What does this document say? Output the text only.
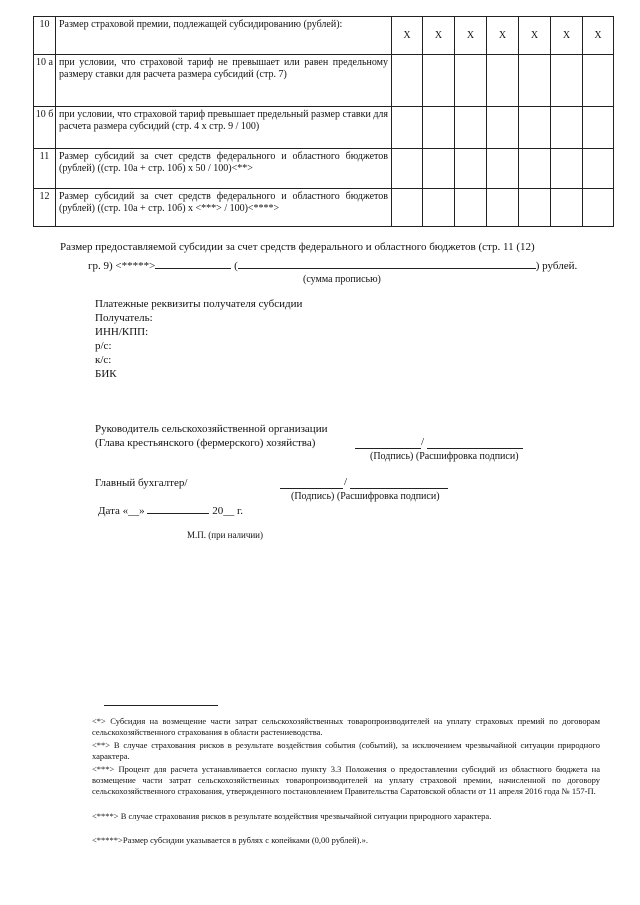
10	Размер страховой премии, подлежащей субсидированию (рублей):	Х	Х	Х	Х	Х	Х	Х
10 а	при условии, что страховой тариф не превышает или равен предельному размеру ставки для расчета размера субсидий (стр. 7)							
10 б	при условии, что страховой тариф превышает предельный размер ставки для расчета размера субсидий (стр. 4 х стр. 9 / 100)							
11	Размер субсидий за счет средств федерального и областного бюджетов (рублей) ((стр. 10а + стр. 10б) х 50 / 100)<**>							
12	Размер субсидий за счет средств федерального и областного бюджетов (рублей) ((стр. 10а + стр. 10б) х <***> / 100)<****>							
Размер предоставляемой субсидии за счет средств федерального и областного бюджетов (стр. 11 (12)
гр. 9) <*****>	(	) рублей.
(сумма прописью)
Платежные реквизиты получателя субсидии
Получатель:
ИНН/КПП:
р/с:
к/с:
БИК
Руководитель сельскохозяйственной организации
(Глава крестьянского (фермерского) хозяйства)	/
(Подпись) (Расшифровка подписи)
Главный бухгалтер/	/
(Подпись) (Расшифровка подписи)
Дата «__»	20__ г.
М.П. (при наличии)
<*> Субсидия на возмещение части затрат сельскохозяйственных товаропроизводителей на уплату страховых премий по договорам сельскохозяйственного страхования в области растениеводства.
<**> В случае страхования рисков в результате воздействия события (событий), за исключением чрезвычайной ситуации природного характера.
<***> Процент для расчета устанавливается согласно пункту 3.3 Положения о предоставлении субсидий из областного бюджета на возмещение части затрат сельскохозяйственных товаропроизводителей на уплату страховой премии, начисленной по договору сельскохозяйственного страхования, утвержденного постановлением Правительства Саратовской области от 11 апреля 2016 года № 157-П.
<****> В случае страхования рисков в результате воздействия чрезвычайной ситуации природного характера.
<*****>Размер субсидии указывается в рублях с копейками (0,00 рублей).».
